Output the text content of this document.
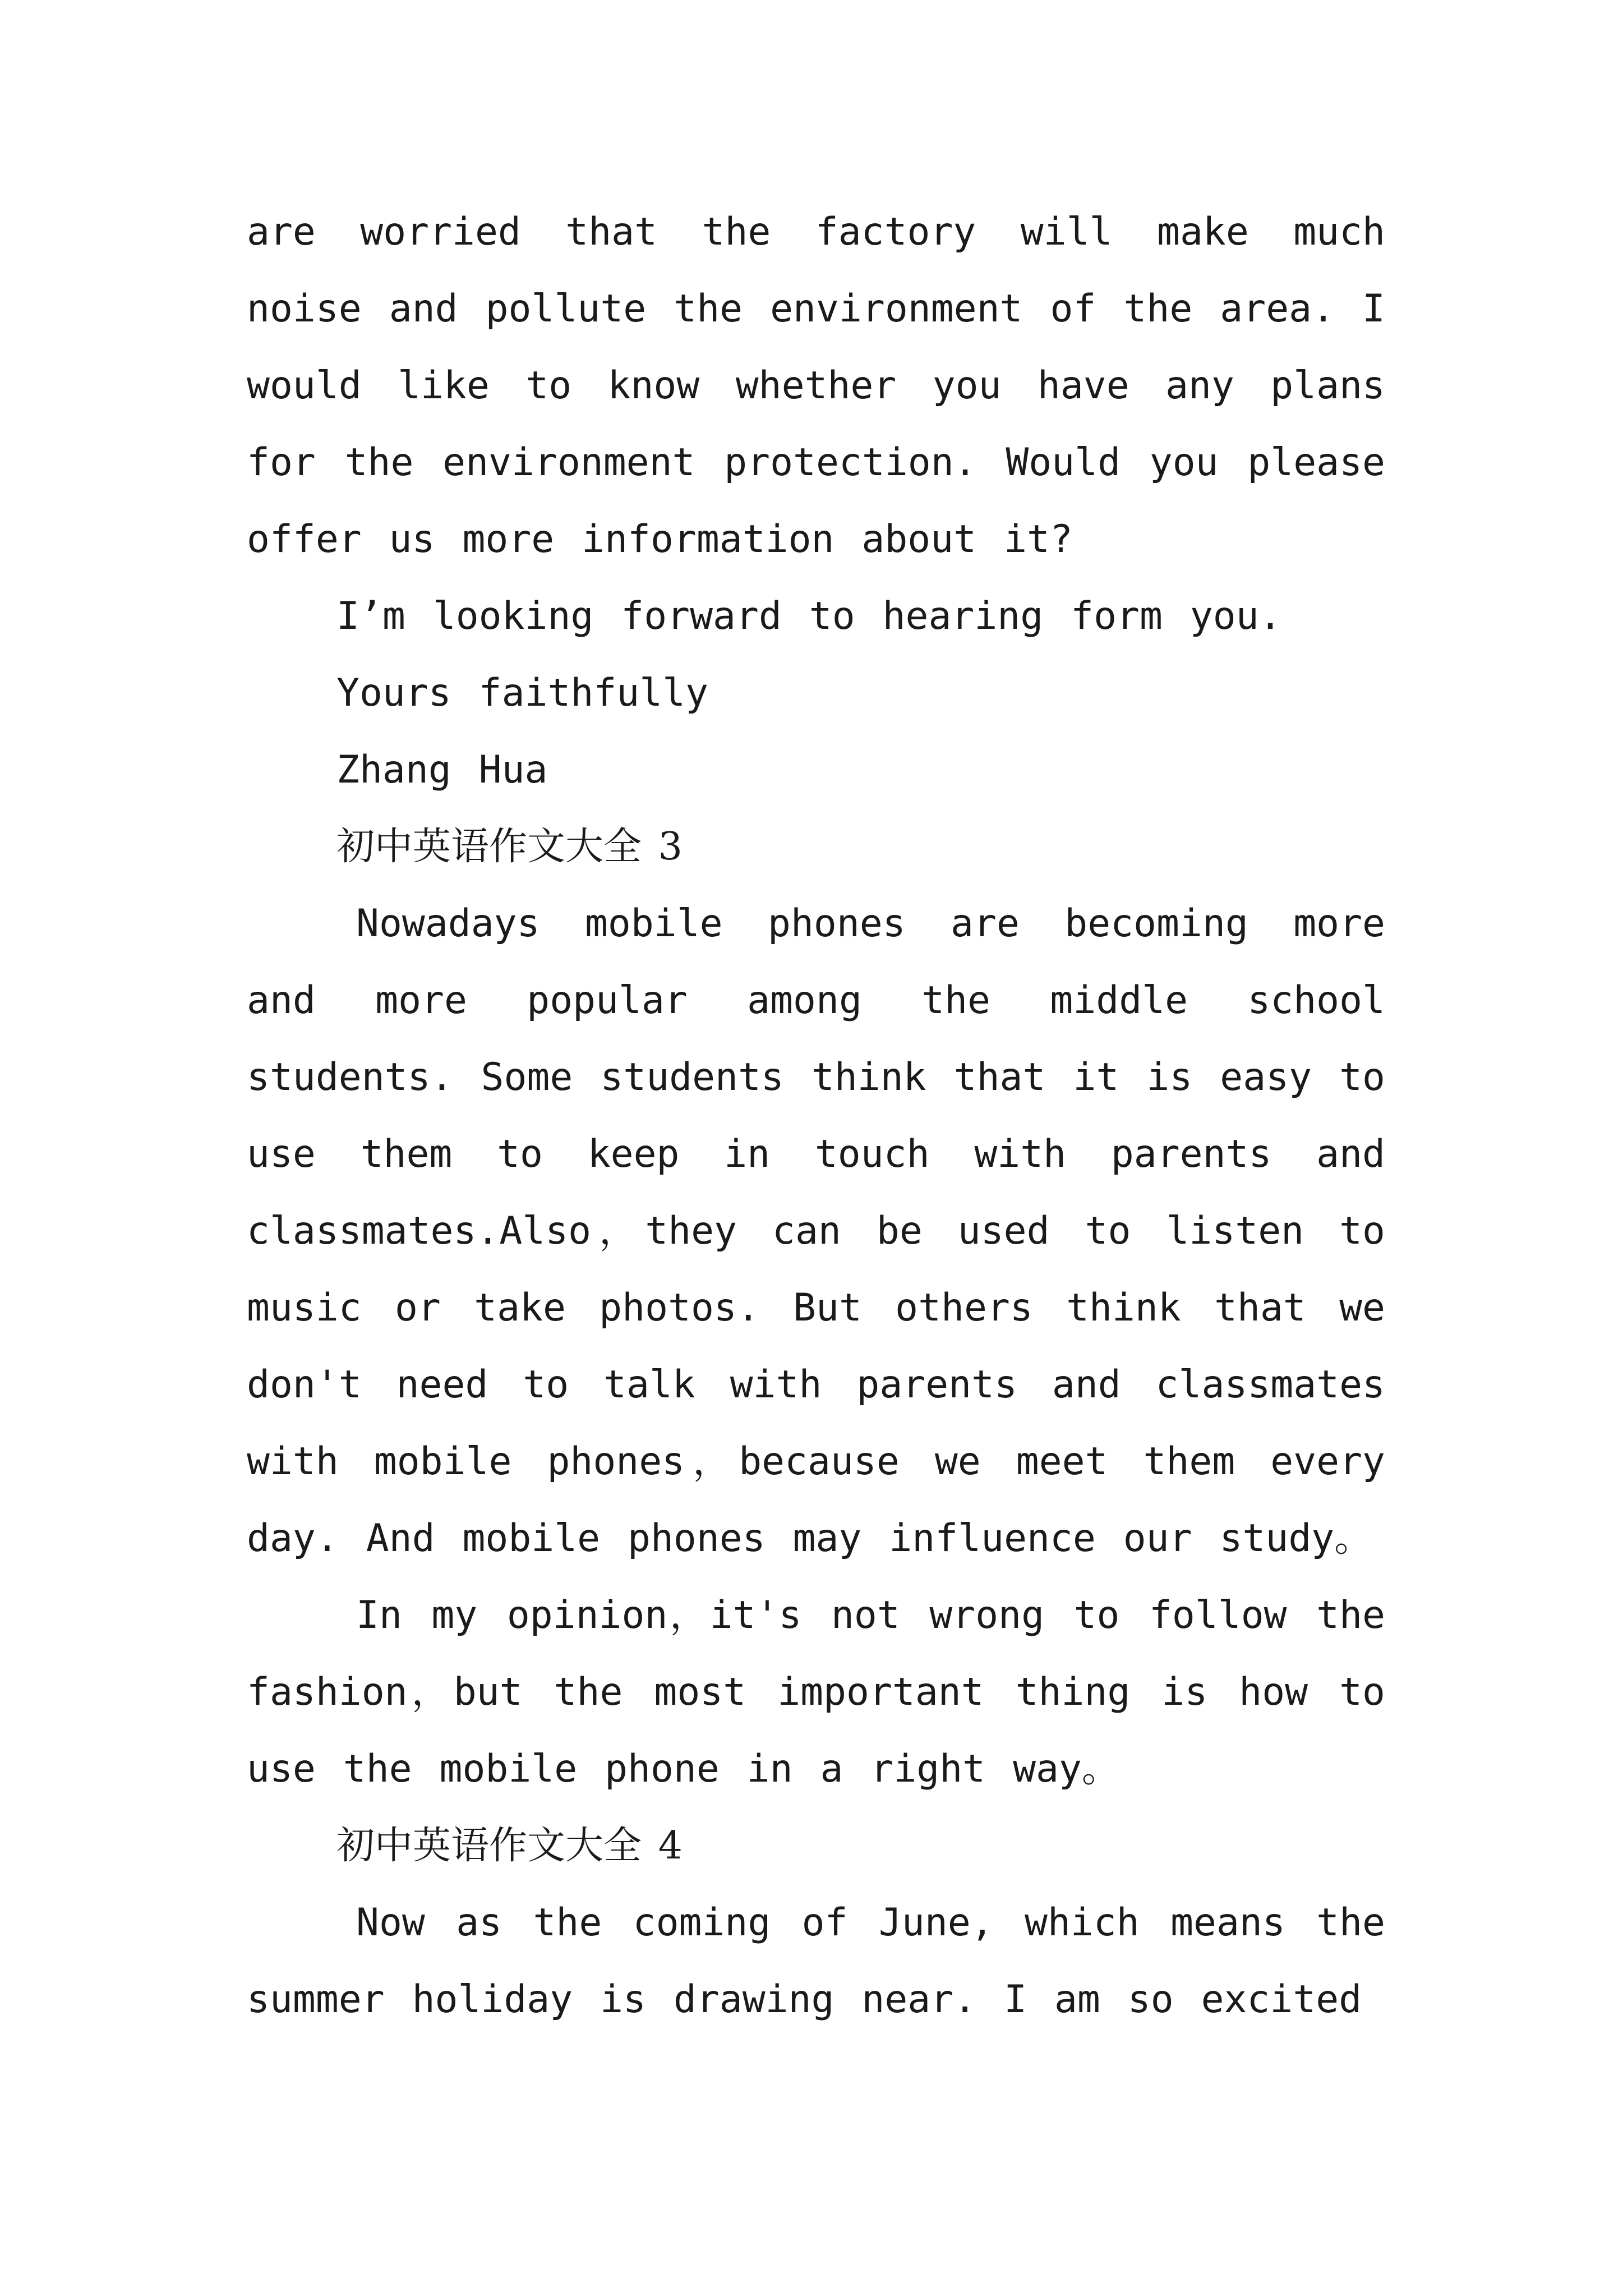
are worried that the factory will make much noise and pollute the environment of the area. I would like to know whether you have any plans for the environment protection. Would you please offer us more information about it?

I’m looking forward to hearing form you.

Yours faithfully

Zhang Hua

初中英语作文大全 3

Nowadays mobile phones are becoming more and more popular among the middle school students. Some students think that it is easy to use them to keep in touch with parents and classmates.Also，they can be used to listen to music or take photos. But others think that we don't need to talk with parents and classmates with mobile phones，because we meet them every day. And mobile phones may influence our study。

In my opinion，it's not wrong to follow the fashion，but the most important thing is how to use the mobile phone in a right way。

初中英语作文大全 4

Now as the coming of June, which means the summer holiday is drawing near. I am so excited
